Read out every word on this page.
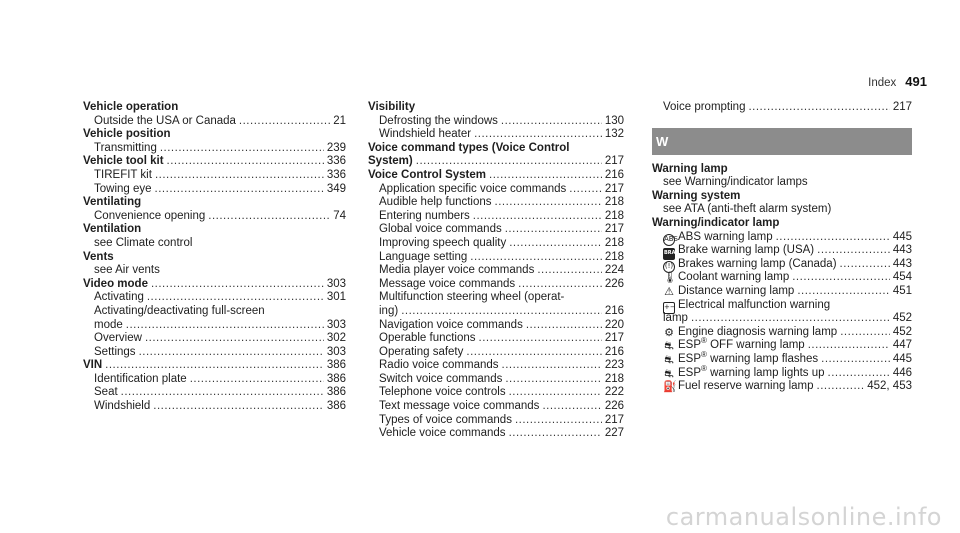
Index 491
Vehicle operation
Outside the USA or Canada .....	21
Vehicle position
Transmitting .....	239
Vehicle tool kit .....	336
TIREFIT kit .....	336
Towing eye .....	349
Ventilating
Convenience opening .....	74
Ventilation
see Climate control
Vents
see Air vents
Video mode .....	303
Activating .....	301
Activating/deactivating full-screen
mode .....	303
Overview .....	302
Settings .....	303
VIN .....	386
Identification plate .....	386
Seat .....	386
Windshield .....	386
Visibility
Defrosting the windows .....	130
Windshield heater .....	132
Voice command types (Voice Control
System) .....	217
Voice Control System .....	216
Application specific voice commands .....	217
Audible help functions .....	218
Entering numbers .....	218
Global voice commands .....	217
Improving speech quality .....	218
Language setting .....	218
Media player voice commands .....	224
Message voice commands .....	226
Multifunction steering wheel (operat-
ing) .....	216
Navigation voice commands .....	220
Operable functions .....	217
Operating safety .....	216
Radio voice commands .....	223
Switch voice commands .....	218
Telephone voice controls .....	222
Text message voice commands .....	226
Types of voice commands .....	217
Vehicle voice commands .....	227
Voice prompting .....	217
W
Warning lamp
see Warning/indicator lamps
Warning system
see ATA (anti-theft alarm system)
Warning/indicator lamp
ABSABS warning lamp .....	445
BRAKEBrake warning lamp (USA) .....	443
(!) Brakes warning lamp (Canada) .....	443
🌡Coolant warning lamp .....	454
⚠ Distance warning lamp .....	451
+− Electrical malfunction warning
lamp .....	452
⚙ Engine diagnosis warning lamp .....	452
⛐ ESP® OFF warning lamp .....	447
⛐ ESP® warning lamp flashes .....	445
⛐ ESP® warning lamp lights up .....	446
⛽Fuel reserve warning lamp .....	452, 453
carmanualsonline.info
